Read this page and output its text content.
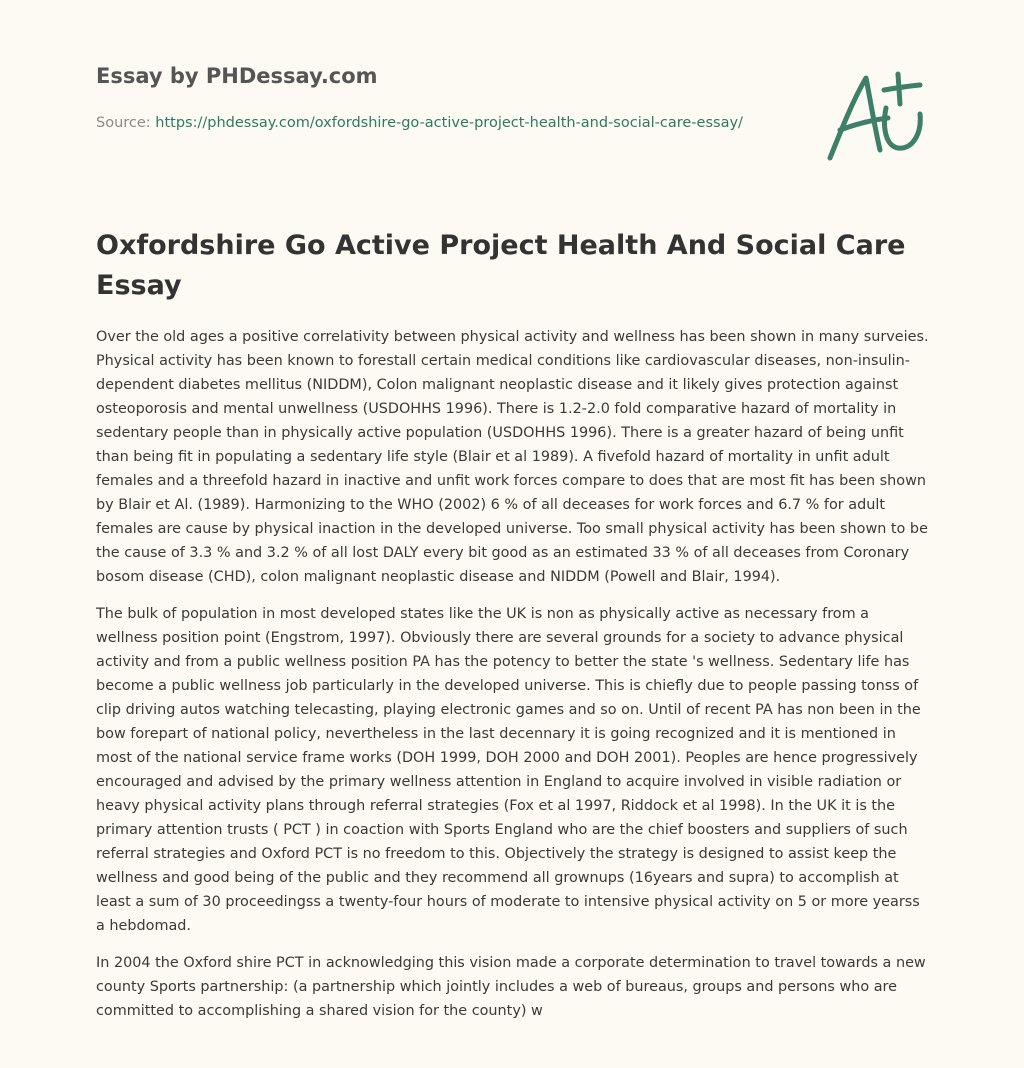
Essay by PHDessay.com
Source: https://phdessay.com/oxfordshire-go-active-project-health-and-social-care-essay/
Oxfordshire Go Active Project Health And Social Care Essay

Over the old ages a positive correlativity between physical activity and wellness has been shown in many surveies. Physical activity has been known to forestall certain medical conditions like cardiovascular diseases, non-insulin-dependent diabetes mellitus (NIDDM), Colon malignant neoplastic disease and it likely gives protection against osteoporosis and mental unwellness (USDOHHS 1996). There is 1.2-2.0 fold comparative hazard of mortality in sedentary people than in physically active population (USDOHHS 1996). There is a greater hazard of being unfit than being fit in populating a sedentary life style (Blair et al 1989). A fivefold hazard of mortality in unfit adult females and a threefold hazard in inactive and unfit work forces compare to does that are most fit has been shown by Blair et Al. (1989). Harmonizing to the WHO (2002) 6 % of all deceases for work forces and 6.7 % for adult females are cause by physical inaction in the developed universe. Too small physical activity has been shown to be the cause of 3.3 % and 3.2 % of all lost DALY every bit good as an estimated 33 % of all deceases from Coronary bosom disease (CHD), colon malignant neoplastic disease and NIDDM (Powell and Blair, 1994).

The bulk of population in most developed states like the UK is non as physically active as necessary from a wellness position point (Engstrom, 1997). Obviously there are several grounds for a society to advance physical activity and from a public wellness position PA has the potency to better the state 's wellness. Sedentary life has become a public wellness job particularly in the developed universe. This is chiefly due to people passing tonss of clip driving autos watching telecasting, playing electronic games and so on. Until of recent PA has non been in the bow forepart of national policy, nevertheless in the last decennary it is going recognized and it is mentioned in most of the national service frame works (DOH 1999, DOH 2000 and DOH 2001). Peoples are hence progressively encouraged and advised by the primary wellness attention in England to acquire involved in visible radiation or heavy physical activity plans through referral strategies (Fox et al 1997, Riddock et al 1998). In the UK it is the primary attention trusts ( PCT ) in coaction with Sports England who are the chief boosters and suppliers of such referral strategies and Oxford PCT is no freedom to this. Objectively the strategy is designed to assist keep the wellness and good being of the public and they recommend all grownups (16years and supra) to accomplish at least a sum of 30 proceedingss a twenty-four hours of moderate to intensive physical activity on 5 or more yearss a hebdomad.

In 2004 the Oxford shire PCT in acknowledging this vision made a corporate determination to travel towards a new county Sports partnership: (a partnership which jointly includes a web of bureaus, groups and persons who are committed to accomplishing a shared vision for the county) w
